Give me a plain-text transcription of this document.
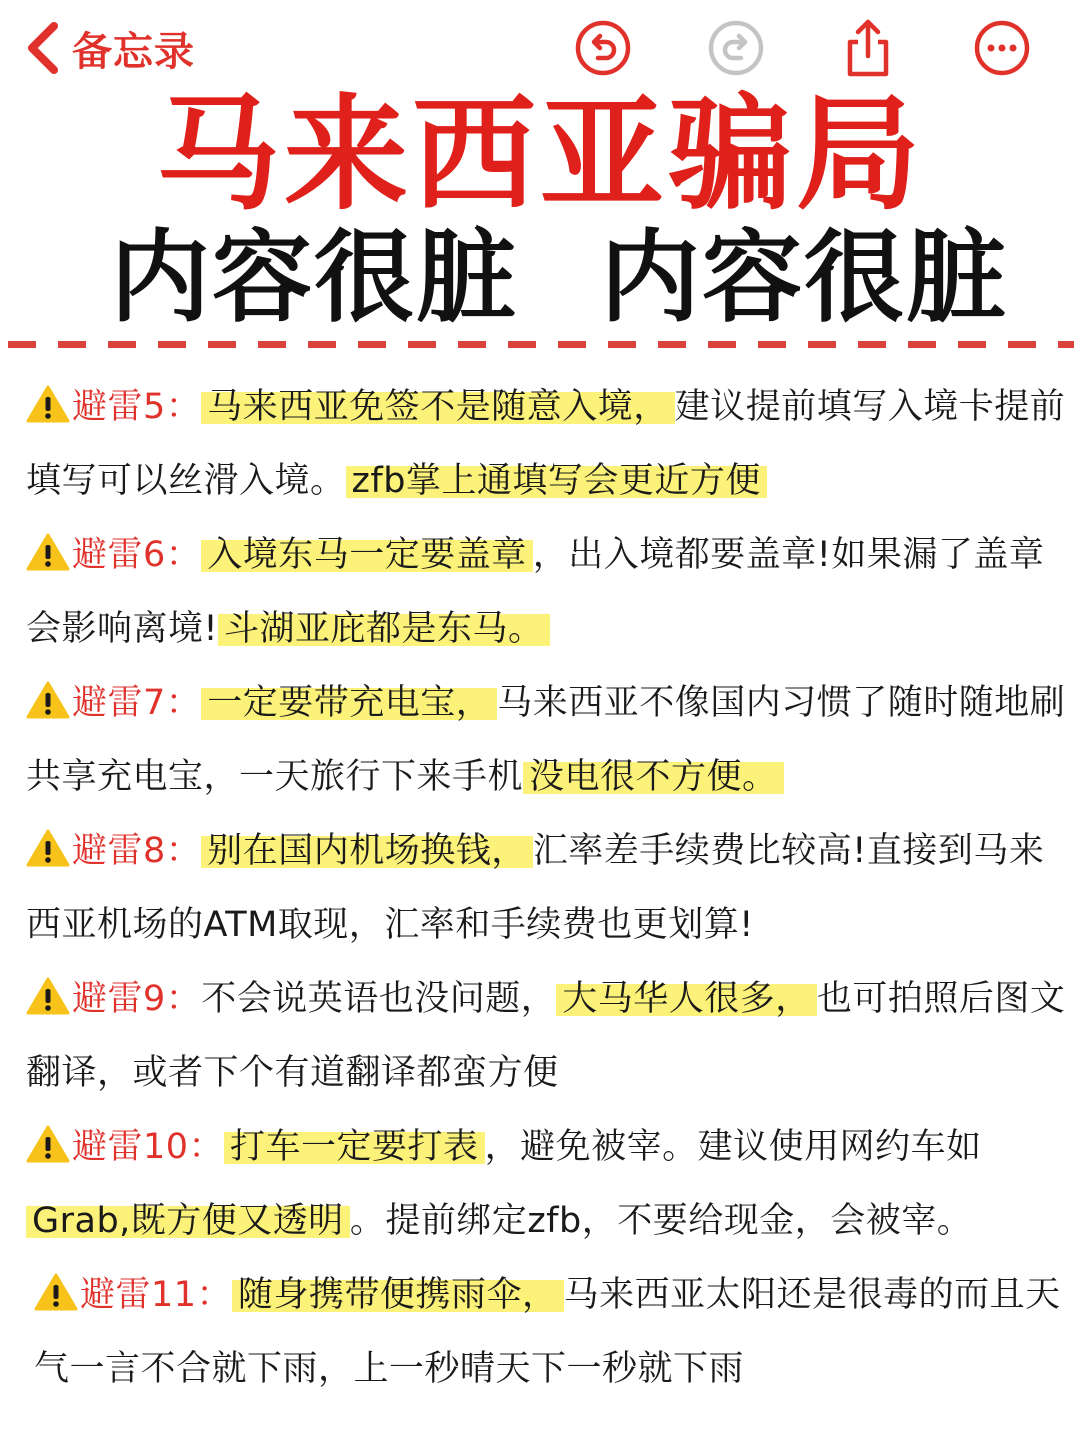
备忘录
马来西亚骗局
内容很脏 内容很脏

避雷5： 马来西亚免签不是随意入境， 建议提前填写入境卡提前填写可以丝滑入境。 zfb掌上通填写会更近方便

避雷6： 入境东马一定要盖章 ，出入境都要盖章!如果漏了盖章会影响离境! 斗湖亚庇都是东马。

避雷7： 一定要带充电宝， 马来西亚不像国内习惯了随时随地刷共享充电宝，一天旅行下来手机 没电很不方便。

避雷8： 别在国内机场换钱， 汇率差手续费比较高!直接到马来西亚机场的ATM取现，汇率和手续费也更划算!

避雷9：不会说英语也没问题， 大马华人很多， 也可拍照后图文翻译，或者下个有道翻译都蛮方便

避雷10： 打车一定要打表 ，避免被宰。建议使用网约车如Grab,既方便又透明 。提前绑定zfb，不要给现金，会被宰。

避雷11： 随身携带便携雨伞， 马来西亚太阳还是很毒的而且天气一言不合就下雨，上一秒晴天下一秒就下雨
